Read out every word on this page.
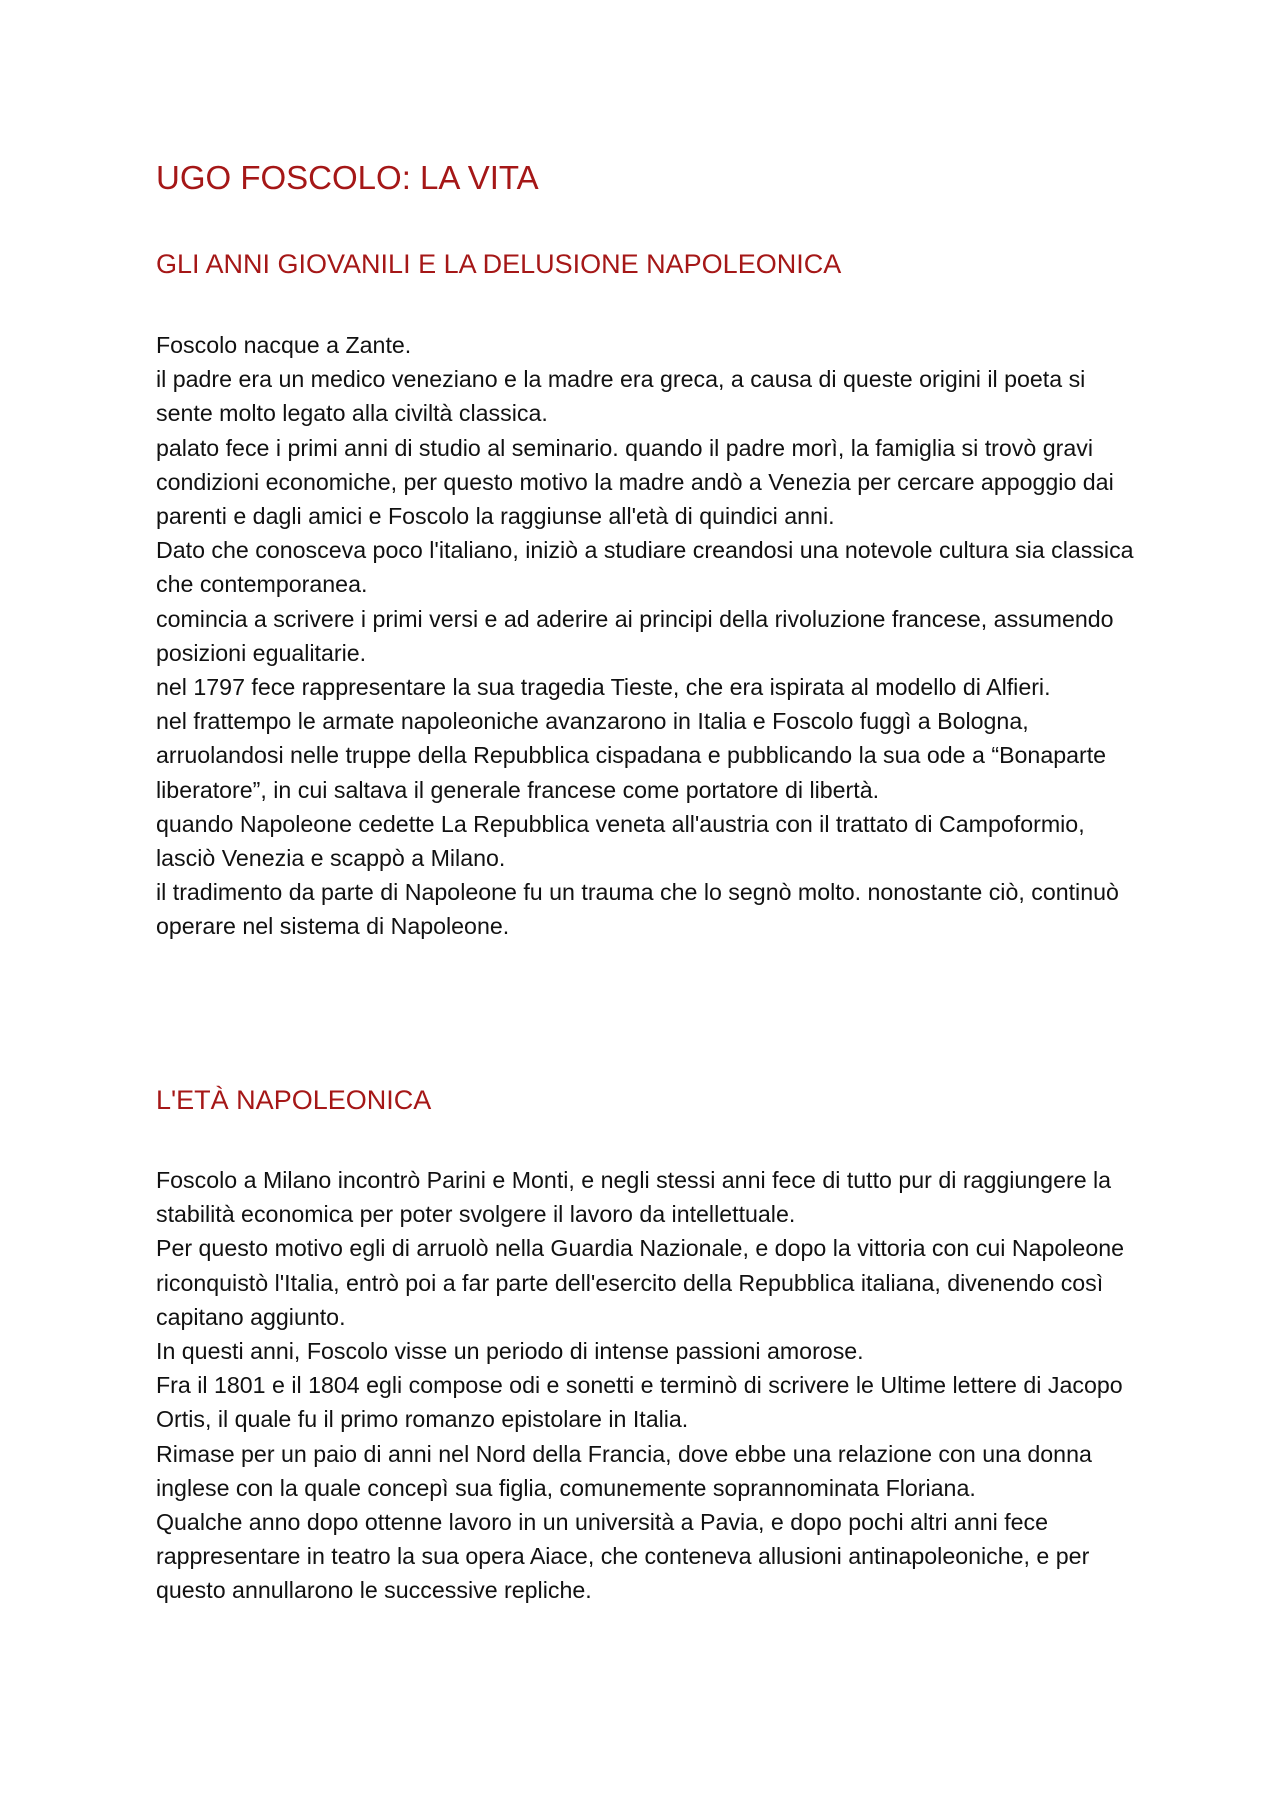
UGO FOSCOLO: LA VITA
GLI ANNI GIOVANILI E LA DELUSIONE NAPOLEONICA

Foscolo nacque a Zante.

il padre era un medico veneziano e la madre era greca, a causa di queste origini il poeta si sente molto legato alla civiltà classica.

palato fece i primi anni di studio al seminario. quando il padre morì, la famiglia si trovò gravi condizioni economiche, per questo motivo la madre andò a Venezia per cercare appoggio dai parenti e dagli amici e Foscolo la raggiunse all'età di quindici anni.

Dato che conosceva poco l'italiano, iniziò a studiare creandosi una notevole cultura sia classica che contemporanea.

comincia a scrivere i primi versi e ad aderire ai principi della rivoluzione francese, assumendo posizioni egualitarie.

nel 1797 fece rappresentare la sua tragedia Tieste, che era ispirata al modello di Alfieri.

nel frattempo le armate napoleoniche avanzarono in Italia e Foscolo fuggì a Bologna, arruolandosi nelle truppe della Repubblica cispadana e pubblicando la sua ode a “Bonaparte liberatore”, in cui saltava il generale francese come portatore di libertà.

quando Napoleone cedette La Repubblica veneta all'austria con il trattato di Campoformio, lasciò Venezia e scappò a Milano.

il tradimento da parte di Napoleone fu un trauma che lo segnò molto. nonostante ciò, continuò operare nel sistema di Napoleone.

L'ETÀ NAPOLEONICA

Foscolo a Milano incontrò Parini e Monti, e negli stessi anni fece di tutto pur di raggiungere la stabilità economica per poter svolgere il lavoro da intellettuale.

Per questo motivo egli di arruolò nella Guardia Nazionale, e dopo la vittoria con cui Napoleone riconquistò l'Italia, entrò poi a far parte dell'esercito della Repubblica italiana, divenendo così capitano aggiunto.

In questi anni, Foscolo visse un periodo di intense passioni amorose.

Fra il 1801 e il 1804 egli compose odi e sonetti e terminò di scrivere le Ultime lettere di Jacopo Ortis, il quale fu il primo romanzo epistolare in Italia.

Rimase per un paio di anni nel Nord della Francia, dove ebbe una relazione con una donna inglese con la quale concepì sua figlia, comunemente soprannominata Floriana.

Qualche anno dopo ottenne lavoro in un università a Pavia, e dopo pochi altri anni fece rappresentare in teatro la sua opera Aiace, che conteneva allusioni antinapoleoniche, e per questo annullarono le successive repliche.
